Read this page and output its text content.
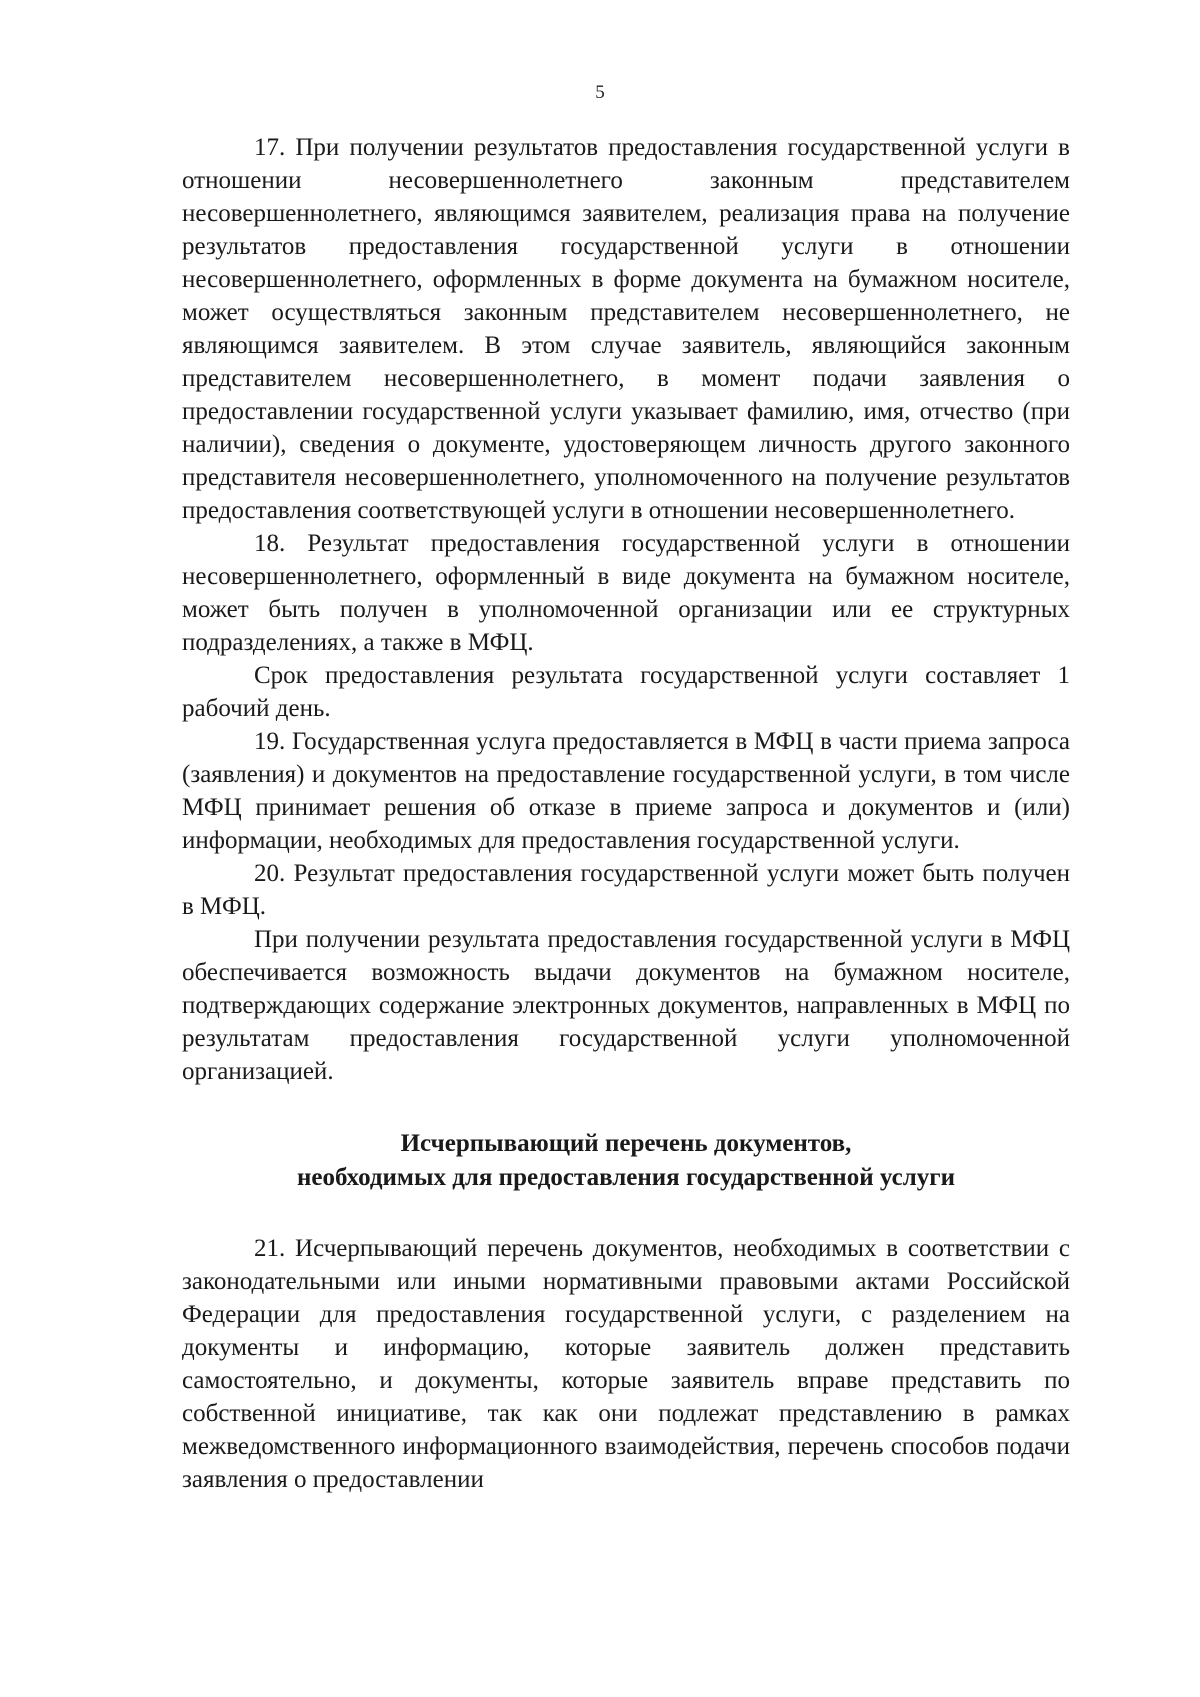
5

17. При получении результатов предоставления государственной услуги в отношении несовершеннолетнего законным представителем несовершеннолетнего, являющимся заявителем, реализация права на получение результатов предоставления государственной услуги в отношении несовершеннолетнего, оформленных в форме документа на бумажном носителе, может осуществляться законным представителем несовершеннолетнего, не являющимся заявителем. В этом случае заявитель, являющийся законным представителем несовершеннолетнего, в момент подачи заявления о предоставлении государственной услуги указывает фамилию, имя, отчество (при наличии), сведения о документе, удостоверяющем личность другого законного представителя несовершеннолетнего, уполномоченного на получение результатов предоставления соответствующей услуги в отношении несовершеннолетнего.

18. Результат предоставления государственной услуги в отношении несовершеннолетнего, оформленный в виде документа на бумажном носителе, может быть получен в уполномоченной организации или ее структурных подразделениях, а также в МФЦ.

Срок предоставления результата государственной услуги составляет 1 рабочий день.

19. Государственная услуга предоставляется в МФЦ в части приема запроса (заявления) и документов на предоставление государственной услуги, в том числе МФЦ принимает решения об отказе в приеме запроса и документов и (или) информации, необходимых для предоставления государственной услуги.

20. Результат предоставления государственной услуги может быть получен в МФЦ.

При получении результата предоставления государственной услуги в МФЦ обеспечивается возможность выдачи документов на бумажном носителе, подтверждающих содержание электронных документов, направленных в МФЦ по результатам предоставления государственной услуги уполномоченной организацией.

Исчерпывающий перечень документов,
необходимых для предоставления государственной услуги

21. Исчерпывающий перечень документов, необходимых в соответствии с законодательными или иными нормативными правовыми актами Российской Федерации для предоставления государственной услуги, с разделением на документы и информацию, которые заявитель должен представить самостоятельно, и документы, которые заявитель вправе представить по собственной инициативе, так как они подлежат представлению в рамках межведомственного информационного взаимодействия, перечень способов подачи заявления о предоставлении
